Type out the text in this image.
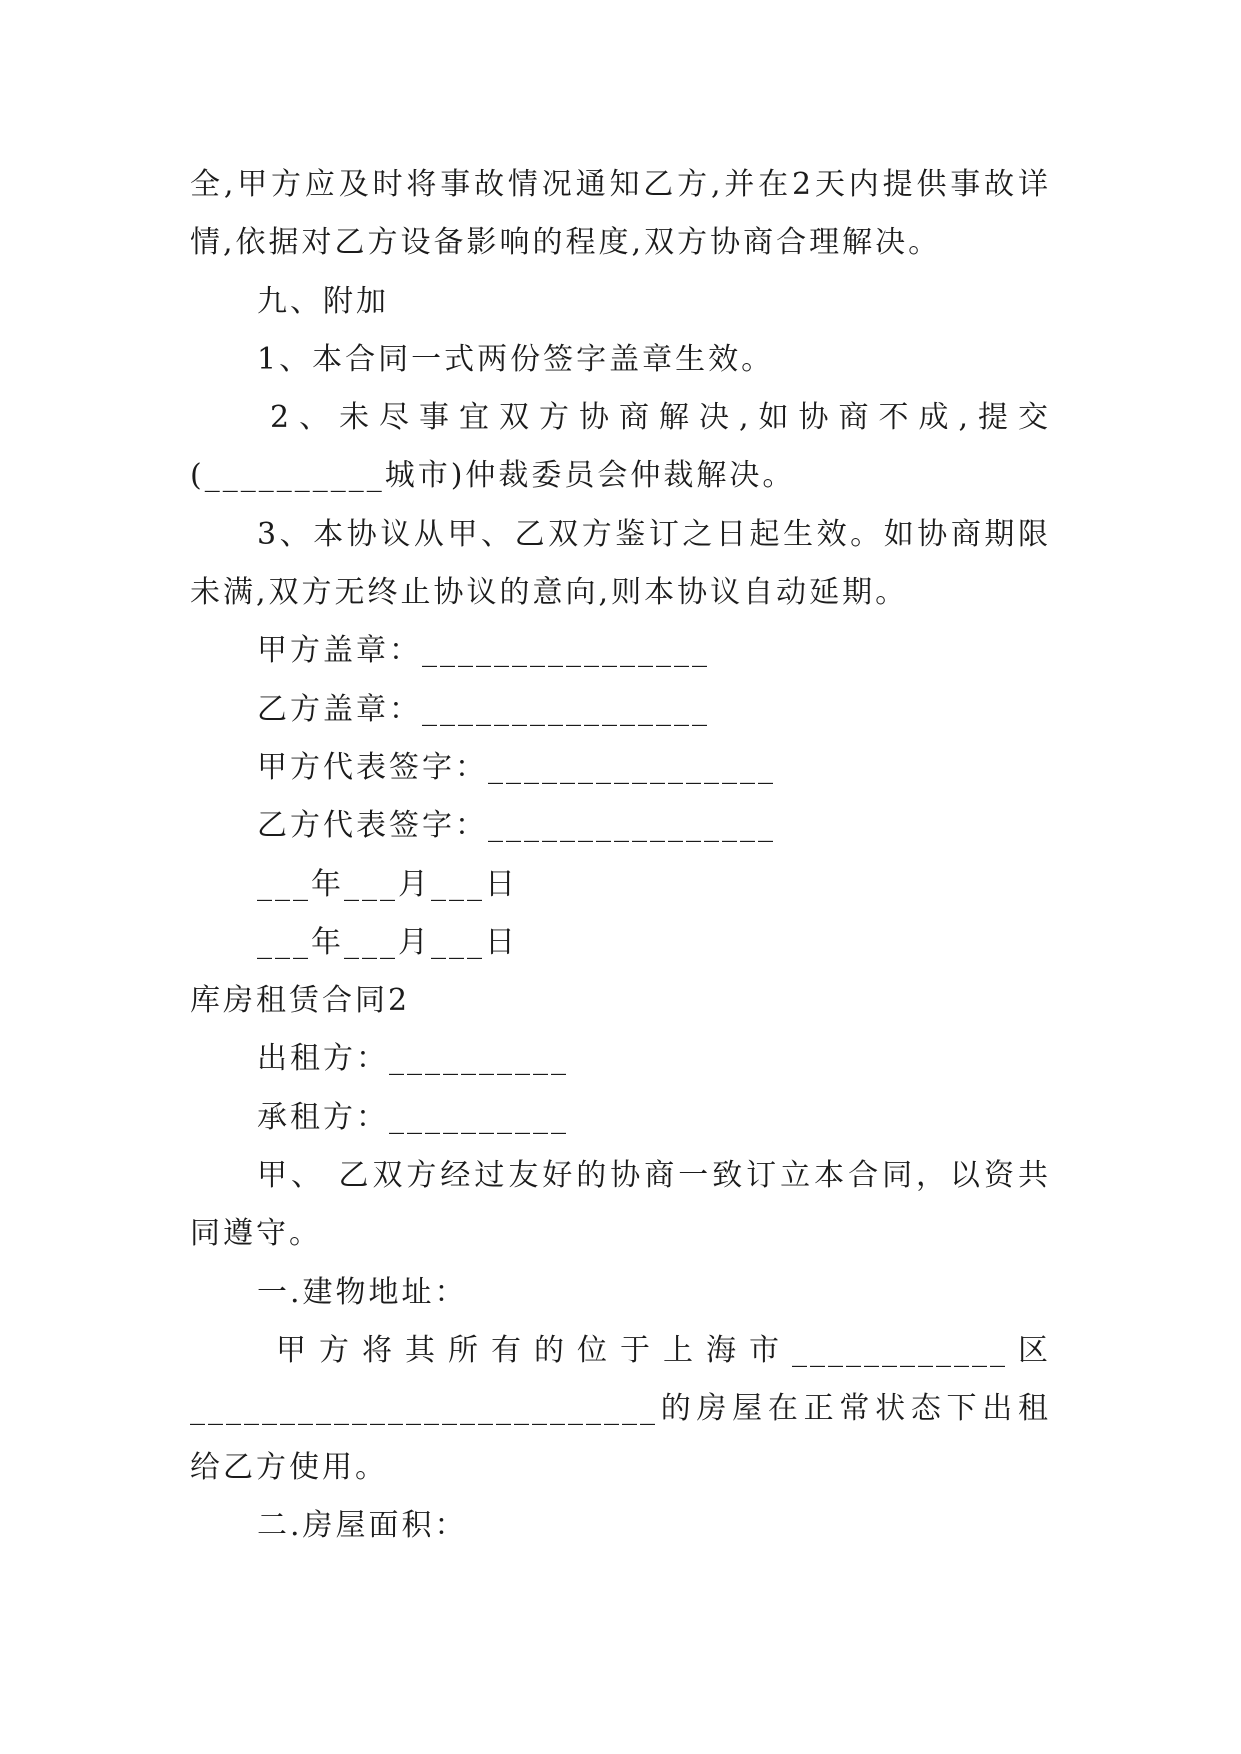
全,甲方应及时将事故情况通知乙方,并在2天内提供事故详
情,依据对乙方设备影响的程度,双方协商合理解决。
九、附加
1、本合同一式两份签字盖章生效。
2、未尽事宜双方协商解决,如协商不成,提交
(__________城市)仲裁委员会仲裁解决。
3、本协议从甲、乙双方鉴订之日起生效。如协商期限
未满,双方无终止协议的意向,则本协议自动延期。
甲方盖章：________________
乙方盖章：________________
甲方代表签字：________________
乙方代表签字：________________
___年___月___日
___年___月___日
库房租赁合同2
出租方：__________
承租方：__________
甲、 乙双方经过友好的协商一致订立本合同，以资共
同遵守。
一.建物地址：
甲方将其所有的位于上海市____________区
__________________________的房屋在正常状态下出租
给乙方使用。
二.房屋面积：
